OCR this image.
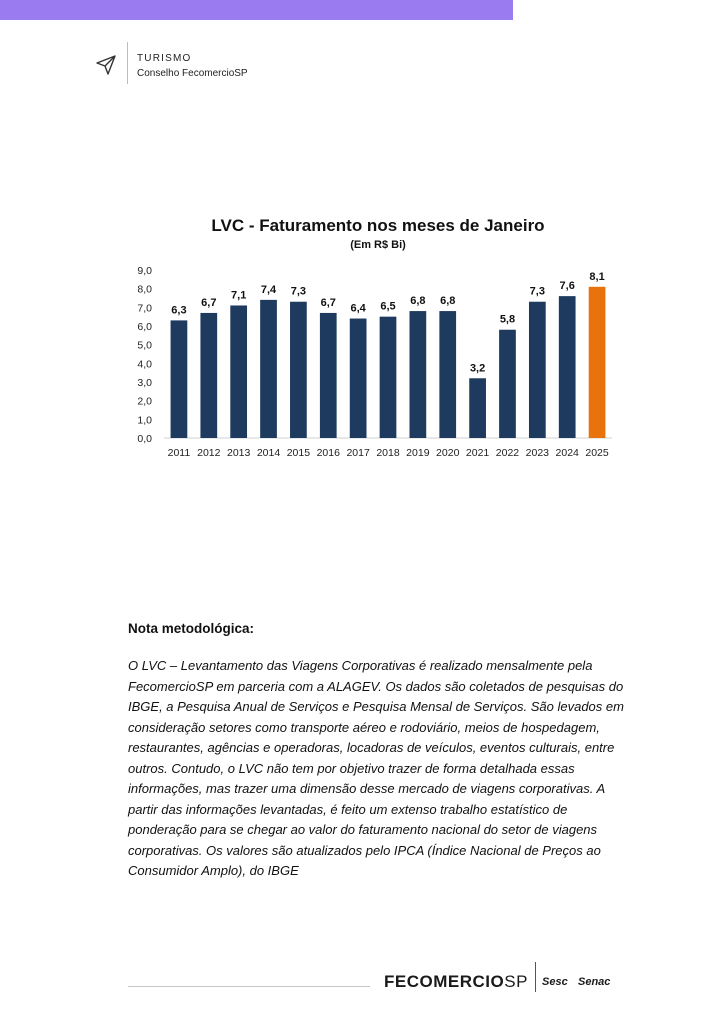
TURISMO
Conselho FecomercioSP
LVC - Faturamento nos meses de Janeiro
(Em R$ Bi)
0,0
1,0
2,0
3,0
4,0
5,0
6,0
7,0
8,0
9,0
6,3
2011
6,7
2012
7,1
2013
7,4
2014
7,3
2015
6,7
2016
6,4
2017
6,5
2018
6,8
2019
6,8
2020
3,2
2021
5,8
2022
7,3
2023
7,6
2024
8,1
2025
Nota metodológica:
O LVC – Levantamento das Viagens Corporativas é realizado mensalmente pela FecomercioSP em parceria com a ALAGEV. Os dados são coletados de pesquisas do IBGE, a Pesquisa Anual de Serviços e Pesquisa Mensal de Serviços. São levados em consideração setores como transporte aéreo e rodoviário, meios de hospedagem, restaurantes, agências e operadoras, locadoras de veículos, eventos culturais, entre outros. Contudo, o LVC não tem por objetivo trazer de forma detalhada essas informações, mas trazer uma dimensão desse mercado de viagens corporativas. A partir das informações levantadas, é feito um extenso trabalho estatístico de ponderação para se chegar ao valor do faturamento nacional do setor de viagens corporativas. Os valores são atualizados pelo IPCA (Índice Nacional de Preços ao Consumidor Amplo), do IBGE
FECOMERCIOSP Sesc Senac
